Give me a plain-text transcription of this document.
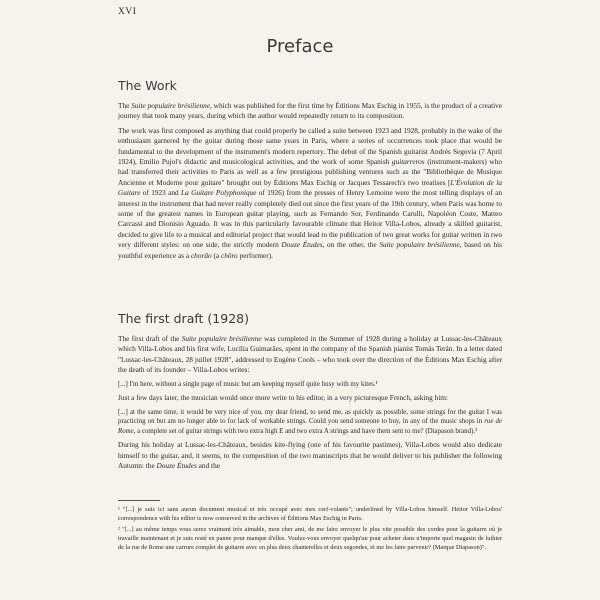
XVI
Preface
The Work

The Suite populaire brésilienne, which was published for the first time by Éditions Max Eschig in 1955, is the product of a creative journey that took many years, during which the author would repeatedly return to its composition.

The work was first composed as anything that could properly be called a suite between 1923 and 1928, probably in the wake of the enthusiasm garnered by the guitar during those same years in Paris, where a series of occurrences took place that would be fundamental to the development of the instrument's modern repertory. The debut of the Spanish guitarist Andrés Segovia (7 April 1924), Emilio Pujol's didactic and musicological activities, and the work of some Spanish guitarreros (instrument-makers) who had transferred their activities to Paris as well as a few prestigious publishing ventures such as the "Bibliothèque de Musique Ancienne et Moderne pour guitare" brought out by Éditions Max Eschig or Jacques Tessarech's two treatises [L'Évolution de la Guitare of 1923 and La Guitare Polyphonique of 1926) from the presses of Henry Lemoine were the most telling displays of an interest in the instrument that had never really completely died out since the first years of the 19th century, when Paris was home to some of the greatest names in European guitar playing, such as Fernando Sor, Ferdinando Carulli, Napoléon Coste, Matteo Carcassi and Dionisio Aguado. It was in this particularly favourable climate that Heitor Villa-Lobos, already a skilled guitarist, decided to give life to a musical and editorial project that would lead to the publication of two great works for guitar written in two very different styles: on one side, the strictly modern Douze Études, on the other, the Suite populaire brésilienne, based on his youthful experience as a chorão (a chôro performer).

The first draft (1928)

The first draft of the Suite populaire brésilienne was completed in the Summer of 1928 during a holiday at Lussac-les-Châteaux which Villa-Lobos and his first wife, Lucília Guimarães, spent in the company of the Spanish pianist Tomás Terán. In a letter dated "Lussac-les-Châteaux, 28 juillet 1928", addressed to Eugène Cools – who took over the direction of the Éditions Max Eschig after the death of its founder – Villa-Lobos writes:

[...] I'm here, without a single page of music but am keeping myself quite busy with my kites.¹

Just a few days later, the musician would once more write to his editor, in a very picturesque French, asking him:

[...] at the same time, it would be very nice of you, my dear friend, to send me, as quickly as possible, some strings for the guitar I was practicing on but am no longer able to for lack of workable strings. Could you send someone to buy, in any of the music shops in rue de Rome, a complete set of guitar strings with two extra high E and two extra A strings and have them sent to me? (Diapason brand).²

During his holiday at Lussac-les-Châteaux, besides kite-flying (one of his favourite pastimes), Villa-Lobos would also dedicate himself to the guitar, and, it seems, to the composition of the two manuscripts that he would deliver to his publisher the following Autumn: the Douze Études and the

¹ "[...] je suis ici sans aucun document musical et très occupé avec mes cerf-volants"; underlined by Villa-Lobos himself. Heitor Villa-Lobos' correspondence with his editor is now conserved in the archives of Éditions Max Eschig in Paris.

² "[...] au même temps vous serez vraiment très aimable, mon cher ami, de me faire envoyer le plus vite possible des cordes pour la guitarre où je travaille maintenant et je suis resté en panne pour manque d'elles. Voulez-vous envoyer quelqu'un pour acheter dans n'importe quel magasin de luthier de la rue de Rome une carrure complet de guitarre avec en plus deux chanterelles et deux segondes, et me les faire parvenir? (Marque Diapason)".
